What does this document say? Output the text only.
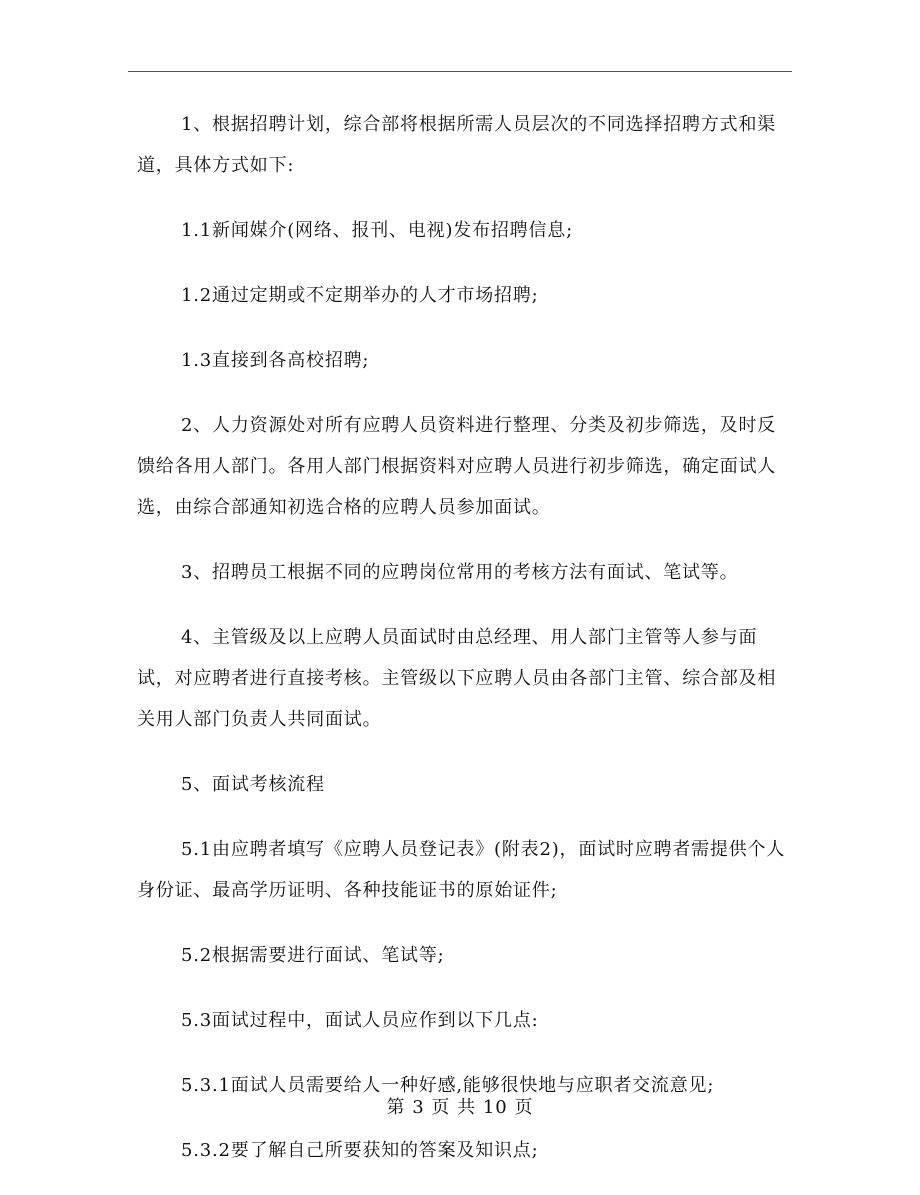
1、根据招聘计划，综合部将根据所需人员层次的不同选择招聘方式和渠道，具体方式如下:

1.1新闻媒介(网络、报刊、电视)发布招聘信息;

1.2通过定期或不定期举办的人才市场招聘;

1.3直接到各高校招聘;

2、人力资源处对所有应聘人员资料进行整理、分类及初步筛选，及时反馈给各用人部门。各用人部门根据资料对应聘人员进行初步筛选，确定面试人选，由综合部通知初选合格的应聘人员参加面试。

3、招聘员工根据不同的应聘岗位常用的考核方法有面试、笔试等。

4、主管级及以上应聘人员面试时由总经理、用人部门主管等人参与面试，对应聘者进行直接考核。主管级以下应聘人员由各部门主管、综合部及相关用人部门负责人共同面试。

5、面试考核流程

5.1由应聘者填写《应聘人员登记表》(附表2)，面试时应聘者需提供个人身份证、最高学历证明、各种技能证书的原始证件;

5.2根据需要进行面试、笔试等;

5.3面试过程中，面试人员应作到以下几点:

5.3.1面试人员需要给人一种好感,能够很快地与应职者交流意见;

5.3.2要了解自己所要获知的答案及知识点;

第 3 页 共 10 页
